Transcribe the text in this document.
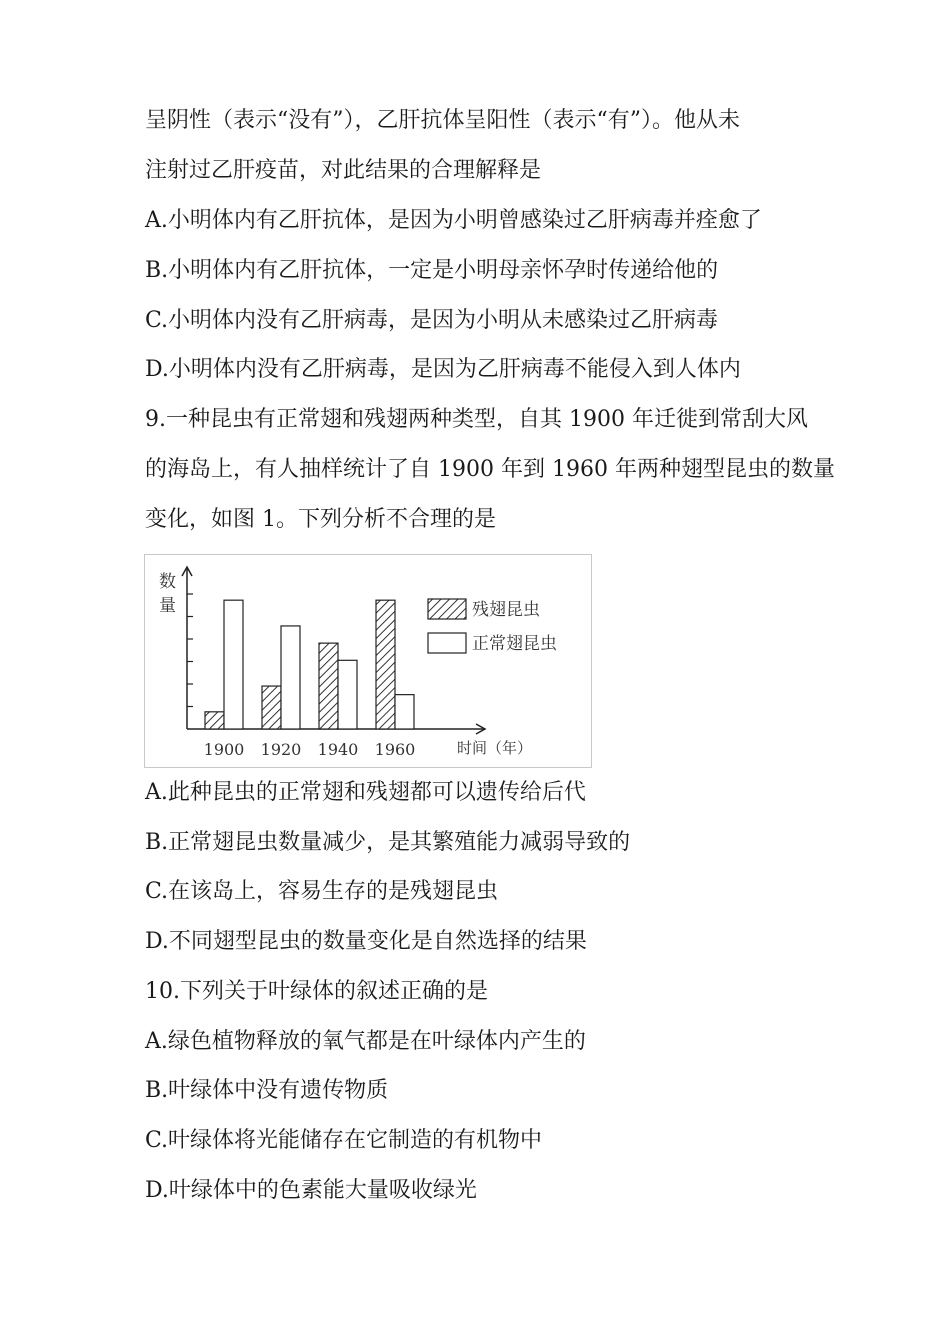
呈阴性（表示“没有”），乙肝抗体呈阳性（表示“有”）。他从未
注射过乙肝疫苗，对此结果的合理解释是
A.小明体内有乙肝抗体，是因为小明曾感染过乙肝病毒并痊愈了
B.小明体内有乙肝抗体，一定是小明母亲怀孕时传递给他的
C.小明体内没有乙肝病毒，是因为小明从未感染过乙肝病毒
D.小明体内没有乙肝病毒，是因为乙肝病毒不能侵入到人体内
9.一种昆虫有正常翅和残翅两种类型，自其 1900 年迁徙到常刮大风
的海岛上，有人抽样统计了自 1900 年到 1960 年两种翅型昆虫的数量
变化，如图 1。下列分析不合理的是
数
量
1900 1920 1940 1960	时间（年）
残翅昆虫
正常翅昆虫
A.此种昆虫的正常翅和残翅都可以遗传给后代
B.正常翅昆虫数量减少，是其繁殖能力减弱导致的
C.在该岛上，容易生存的是残翅昆虫
D.不同翅型昆虫的数量变化是自然选择的结果
10.下列关于叶绿体的叙述正确的是
A.绿色植物释放的氧气都是在叶绿体内产生的
B.叶绿体中没有遗传物质
C.叶绿体将光能储存在它制造的有机物中
D.叶绿体中的色素能大量吸收绿光
